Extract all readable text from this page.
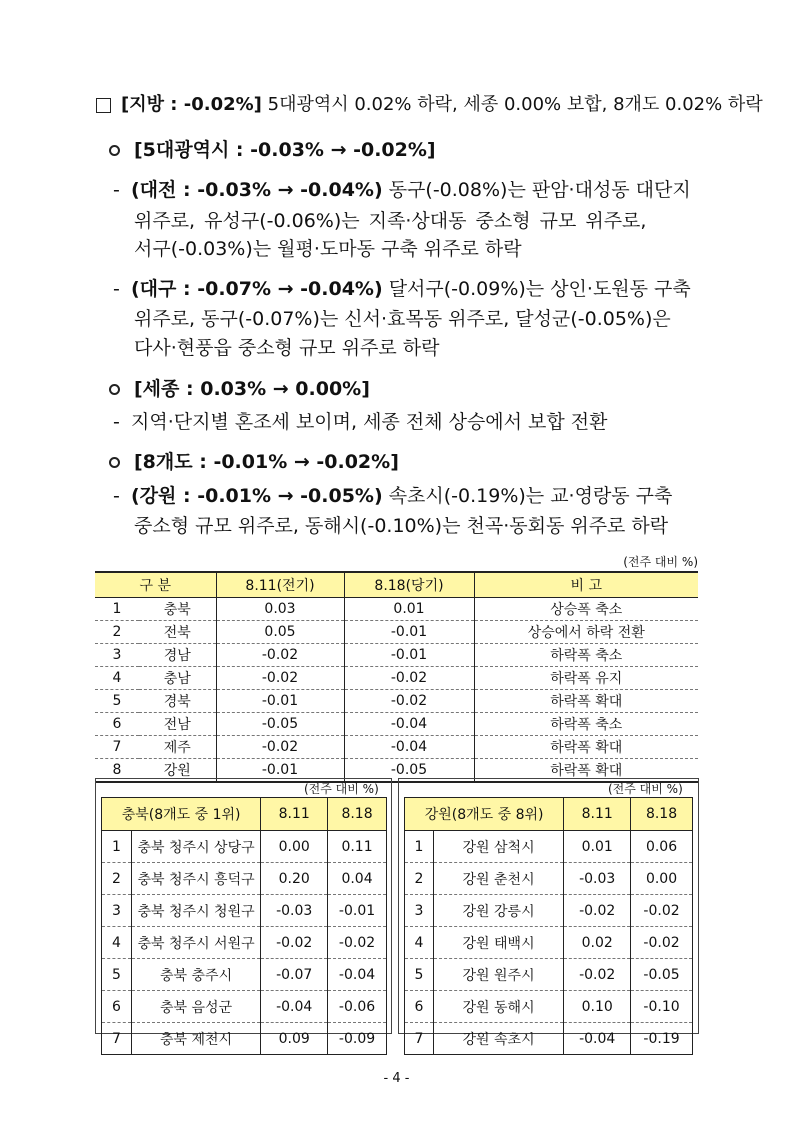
[지방 : -0.02%] 5대광역시 0.02% 하락, 세종 0.00% 보합, 8개도 0.02% 하락
[5대광역시 : -0.03% → -0.02%]
- (대전 : -0.03% → -0.04%) 동구(-0.08%)는 판암·대성동 대단지
위주로, 유성구(-0.06%)는 지족·상대동 중소형 규모 위주로,
서구(-0.03%)는 월평·도마동 구축 위주로 하락
- (대구 : -0.07% → -0.04%) 달서구(-0.09%)는 상인·도원동 구축
위주로, 동구(-0.07%)는 신서·효목동 위주로, 달성군(-0.05%)은
다사·현풍읍 중소형 규모 위주로 하락
[세종 : 0.03% → 0.00%]
- 지역·단지별 혼조세 보이며, 세종 전체 상승에서 보합 전환
[8개도 : -0.01% → -0.02%]
- (강원 : -0.01% → -0.05%) 속초시(-0.19%)는 교·영랑동 구축
중소형 규모 위주로, 동해시(-0.10%)는 천곡·동회동 위주로 하락
(전주 대비 %)
구 분		8.11(전기)	8.18(당기)	비 고
1	충북	0.03	0.01	상승폭 축소
2	전북	0.05	-0.01	상승에서 하락 전환
3	경남	-0.02	-0.01	하락폭 축소
4	충남	-0.02	-0.02	하락폭 유지
5	경북	-0.01	-0.02	하락폭 확대
6	전남	-0.05	-0.04	하락폭 축소
7	제주	-0.02	-0.04	하락폭 확대
8	강원	-0.01	-0.05	하락폭 확대
(전주 대비 %)
충북(8개도 중 1위)		8.11	8.18
1	충북 청주시 상당구	0.00	0.11
2	충북 청주시 흥덕구	0.20	0.04
3	충북 청주시 청원구	-0.03	-0.01
4	충북 청주시 서원구	-0.02	-0.02
5	충북 충주시	-0.07	-0.04
6	충북 음성군	-0.04	-0.06
7	충북 제천시	0.09	-0.09
(전주 대비 %)
강원(8개도 중 8위)		8.11	8.18
1	강원 삼척시	0.01	0.06
2	강원 춘천시	-0.03	0.00
3	강원 강릉시	-0.02	-0.02
4	강원 태백시	0.02	-0.02
5	강원 원주시	-0.02	-0.05
6	강원 동해시	0.10	-0.10
7	강원 속초시	-0.04	-0.19
- 4 -
